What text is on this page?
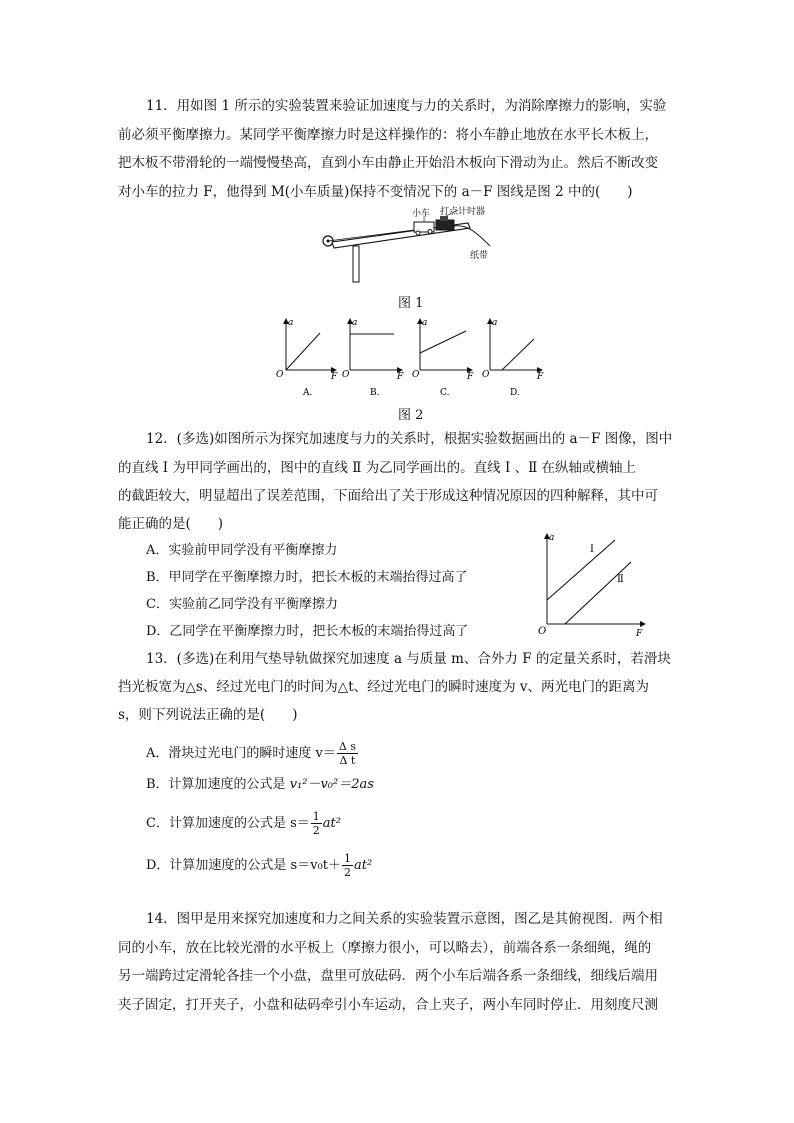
11．用如图 1 所示的实验装置来验证加速度与力的关系时，为消除摩擦力的影响，实验
前必须平衡摩擦力。某同学平衡摩擦力时是这样操作的：将小车静止地放在水平长木板上，
把木板不带滑轮的一端慢慢垫高，直到小车由静止开始沿木板向下滑动为止。然后不断改变
对小车的拉力 F，他得到 M(小车质量)保持不变情况下的 a－F 图线是图 2 中的(　　)
小车 打点计时器
纸带
图 1
a
O	F
A.
a
O	F
B.
a
O	F
C.
a
O	F
D.
图 2
12．(多选)如图所示为探究加速度与力的关系时，根据实验数据画出的 a－F 图像，图中
的直线 Ⅰ 为甲同学画出的，图中的直线 Ⅱ 为乙同学画出的。直线 Ⅰ 、Ⅱ 在纵轴或横轴上
的截距较大，明显超出了误差范围，下面给出了关于形成这种情况原因的四种解释，其中可
能正确的是(　　)
A．实验前甲同学没有平衡摩擦力
B．甲同学在平衡摩擦力时，把长木板的末端抬得过高了
C．实验前乙同学没有平衡摩擦力
D．乙同学在平衡摩擦力时，把长木板的末端抬得过高了
a
O	F
Ⅰ
Ⅱ
13．(多选)在利用气垫导轨做探究加速度 a 与质量 m、合外力 F 的定量关系时，若滑块
挡光板宽为△s、经过光电门的时间为△t、经过光电门的瞬时速度为 v、两光电门的距离为
s，则下列说法正确的是(　　)
A．滑块过光电门的瞬时速度 $v= \frac{\text{Δ s}}{\text{Δ t}}$
B．计算加速度的公式是 v₁²－v₀²＝2as
C．计算加速度的公式是 $s= \frac{1}{2} at^2$
D．计算加速度的公式是 $s=v_0t+ \frac{1}{2} at^2$
14．图甲是用来探究加速度和力之间关系的实验装置示意图，图乙是其俯视图．两个相
同的小车，放在比较光滑的水平板上（摩擦力很小，可以略去），前端各系一条细绳，绳的
另一端跨过定滑轮各挂一个小盘，盘里可放砝码．两个小车后端各系一条细线，细线后端用
夹子固定，打开夹子，小盘和砝码牵引小车运动，合上夹子，两小车同时停止．用刻度尺测
